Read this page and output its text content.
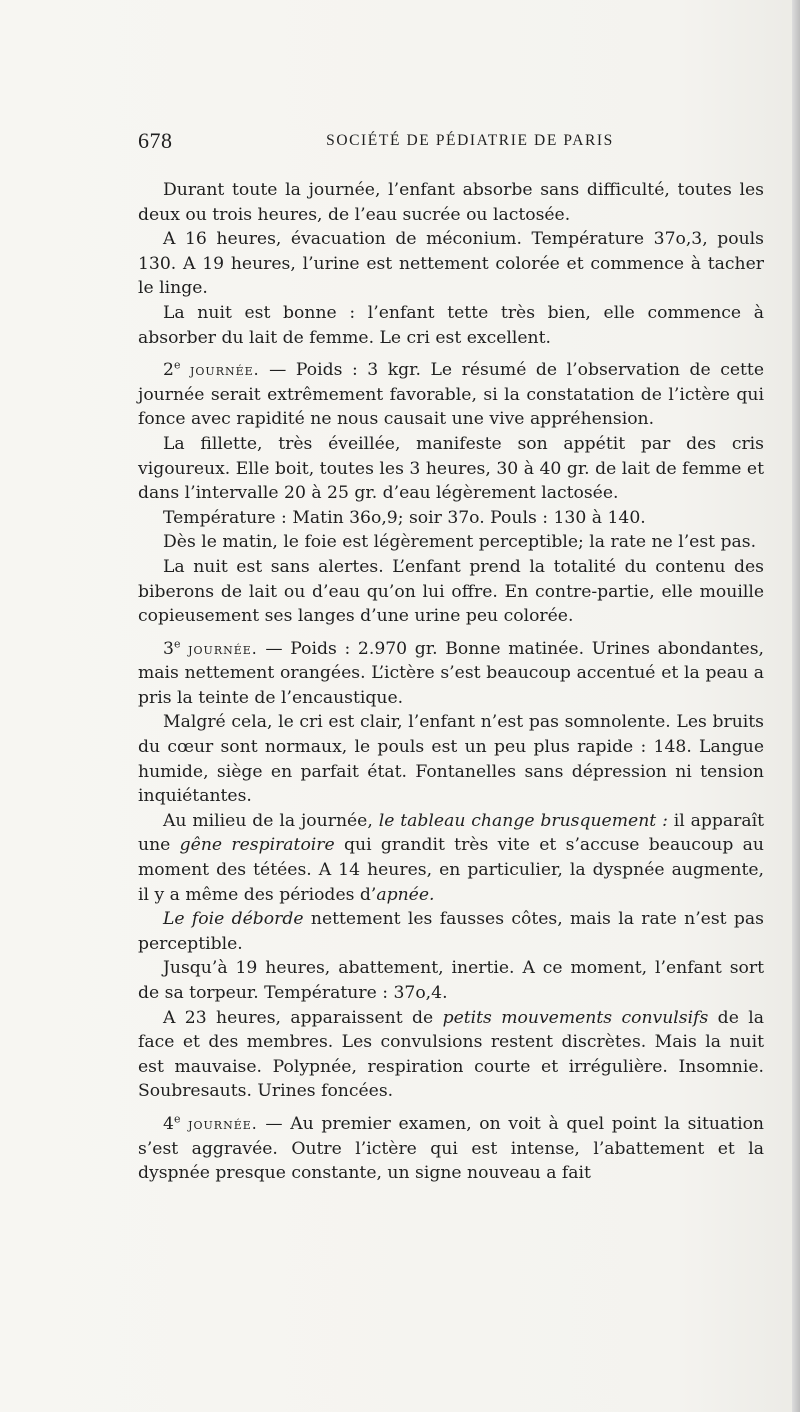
678	SOCIÉTÉ DE PÉDIATRIE DE PARIS

Durant toute la journée, l’enfant absorbe sans difficulté, toutes les deux ou trois heures, de l’eau sucrée ou lactosée.

A 16 heures, évacuation de méconium. Température 37o,3, pouls 130. A 19 heures, l’urine est nettement colorée et commence à tacher le linge.

La nuit est bonne : l’enfant tette très bien, elle commence à absorber du lait de femme. Le cri est excellent.

2e journée. — Poids : 3 kgr. Le résumé de l’observation de cette journée serait extrêmement favorable, si la constatation de l’ictère qui fonce avec rapidité ne nous causait une vive appréhension.

La fillette, très éveillée, manifeste son appétit par des cris vigoureux. Elle boit, toutes les 3 heures, 30 à 40 gr. de lait de femme et dans l’intervalle 20 à 25 gr. d’eau légèrement lactosée.

Température : Matin 36o,9; soir 37o. Pouls : 130 à 140.

Dès le matin, le foie est légèrement perceptible; la rate ne l’est pas.

La nuit est sans alertes. L’enfant prend la totalité du contenu des biberons de lait ou d’eau qu’on lui offre. En contre-partie, elle mouille copieusement ses langes d’une urine peu colorée.

3e journée. — Poids : 2.970 gr. Bonne matinée. Urines abondantes, mais nettement orangées. L’ictère s’est beaucoup accentué et la peau a pris la teinte de l’encaustique.

Malgré cela, le cri est clair, l’enfant n’est pas somnolente. Les bruits du cœur sont normaux, le pouls est un peu plus rapide : 148. Langue humide, siège en parfait état. Fontanelles sans dépression ni tension inquiétantes.

Au milieu de la journée, le tableau change brusquement : il apparaît une gêne respiratoire qui grandit très vite et s’accuse beaucoup au moment des tétées. A 14 heures, en particulier, la dyspnée augmente, il y a même des périodes d’apnée.

Le foie déborde nettement les fausses côtes, mais la rate n’est pas perceptible.

Jusqu’à 19 heures, abattement, inertie. A ce moment, l’enfant sort de sa torpeur. Température : 37o,4.

A 23 heures, apparaissent de petits mouvements convulsifs de la face et des membres. Les convulsions restent discrètes. Mais la nuit est mauvaise. Polypnée, respiration courte et irrégulière. Insomnie. Soubresauts. Urines foncées.

4e journée. — Au premier examen, on voit à quel point la situation s’est aggravée. Outre l’ictère qui est intense, l’abattement et la dyspnée presque constante, un signe nouveau a fait
